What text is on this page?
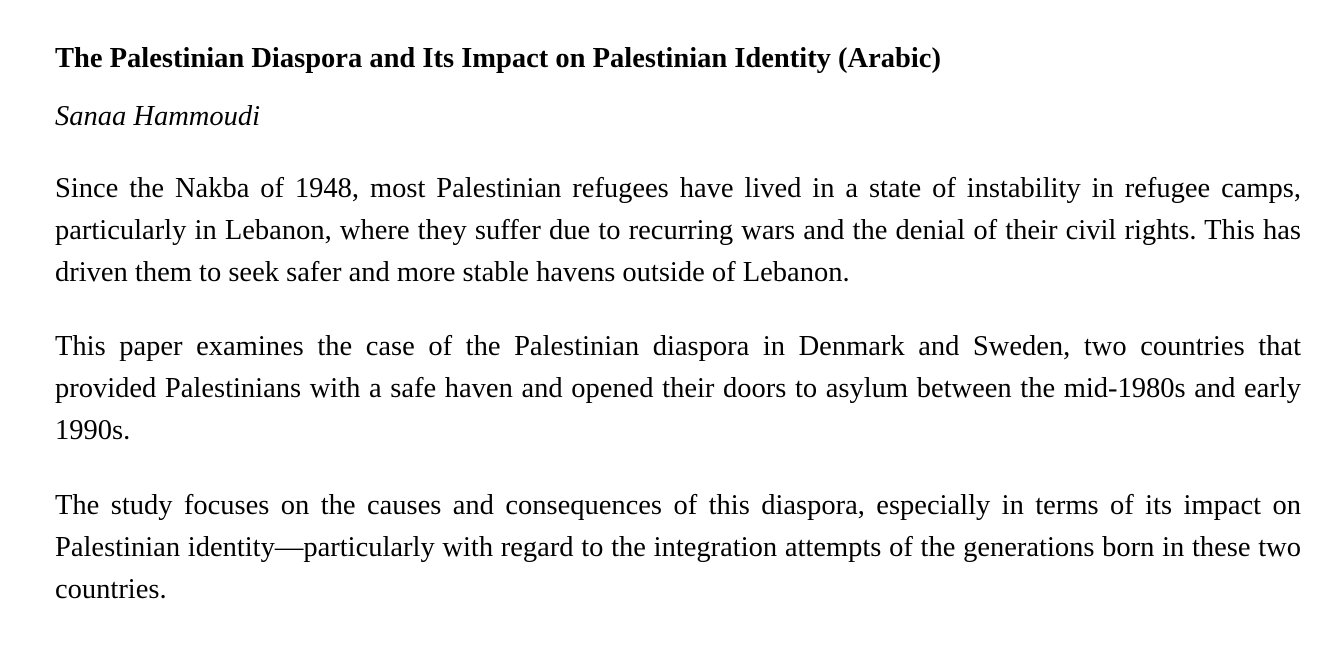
The Palestinian Diaspora and Its Impact on Palestinian Identity (Arabic)

Sanaa Hammoudi

Since the Nakba of 1948, most Palestinian refugees have lived in a state of instability in refugee camps, particularly in Lebanon, where they suffer due to recurring wars and the denial of their civil rights. This has driven them to seek safer and more stable havens outside of Lebanon.

This paper examines the case of the Palestinian diaspora in Denmark and Sweden, two countries that provided Palestinians with a safe haven and opened their doors to asylum between the mid-1980s and early 1990s.

The study focuses on the causes and consequences of this diaspora, especially in terms of its impact on Palestinian identity—particularly with regard to the integration attempts of the generations born in these two countries.
